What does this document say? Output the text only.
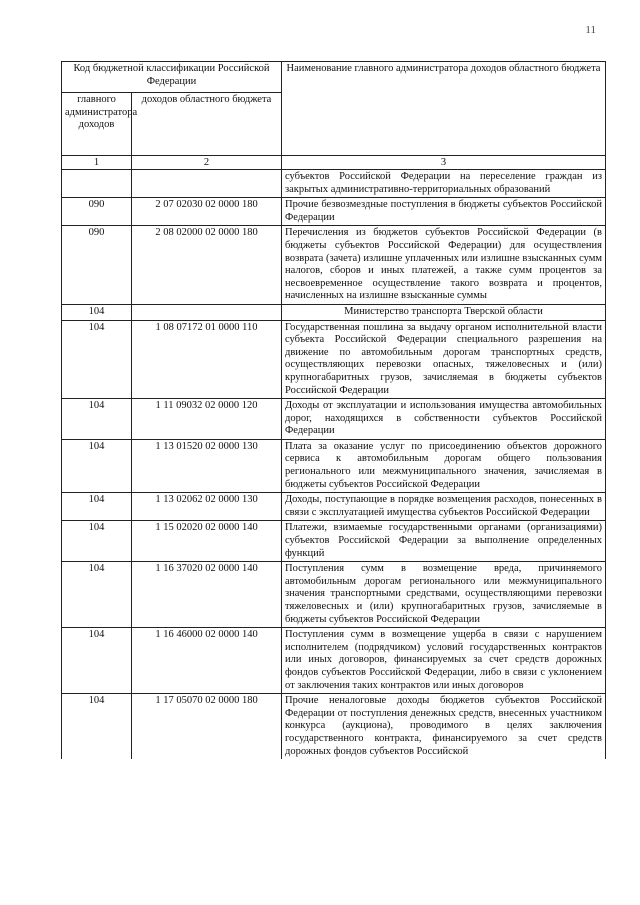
11
Код бюджетной классификации Российской Федерации		Наименование главного администратора доходов областного бюджета
главного администратора доходов	доходов областного бюджета	
1	2	3
		субъектов Российской Федерации на переселение граждан из закрытых административно-территориальных образований
090	2 07 02030 02 0000 180	Прочие безвозмездные поступления в бюджеты субъектов Российской Федерации
090	2 08 02000 02 0000 180	Перечисления из бюджетов субъектов Российской Федерации (в бюджеты субъектов Российской Федерации) для осуществления возврата (зачета) излишне уплаченных или излишне взысканных сумм налогов, сборов и иных платежей, а также сумм процентов за несвоевременное осуществление такого возврата и процентов, начисленных на излишне взысканные суммы
104		Министерство транспорта Тверской области
104	1 08 07172 01 0000 110	Государственная пошлина за выдачу органом исполнительной власти субъекта Российской Федерации специального разрешения на движение по автомобильным дорогам транспортных средств, осуществляющих перевозки опасных, тяжеловесных и (или) крупногабаритных грузов, зачисляемая в бюджеты субъектов Российской Федерации
104	1 11 09032 02 0000 120	Доходы от эксплуатации и использования имущества автомобильных дорог, находящихся в собственности субъектов Российской Федерации
104	1 13 01520 02 0000 130	Плата за оказание услуг по присоединению объектов дорожного сервиса к автомобильным дорогам общего пользования регионального или межмуниципального значения, зачисляемая в бюджеты субъектов Российской Федерации
104	1 13 02062 02 0000 130	Доходы, поступающие в порядке возмещения расходов, понесенных в связи с эксплуатацией имущества субъектов Российской Федерации
104	1 15 02020 02 0000 140	Платежи, взимаемые государственными органами (организациями) субъектов Российской Федерации за выполнение определенных функций
104	1 16 37020 02 0000 140	Поступления сумм в возмещение вреда, причиняемого автомобильным дорогам регионального или межмуниципального значения транспортными средствами, осуществляющими перевозки тяжеловесных и (или) крупногабаритных грузов, зачисляемые в бюджеты субъектов Российской Федерации
104	1 16 46000 02 0000 140	Поступления сумм в возмещение ущерба в связи с нарушением исполнителем (подрядчиком) условий государственных контрактов или иных договоров, финансируемых за счет средств дорожных фондов субъектов Российской Федерации, либо в связи с уклонением от заключения таких контрактов или иных договоров
104	1 17 05070 02 0000 180	Прочие неналоговые доходы бюджетов субъектов Российской Федерации от поступления денежных средств, внесенных участником конкурса (аукциона), проводимого в целях заключения государственного контракта, финансируемого за счет средств дорожных фондов субъектов Российской
